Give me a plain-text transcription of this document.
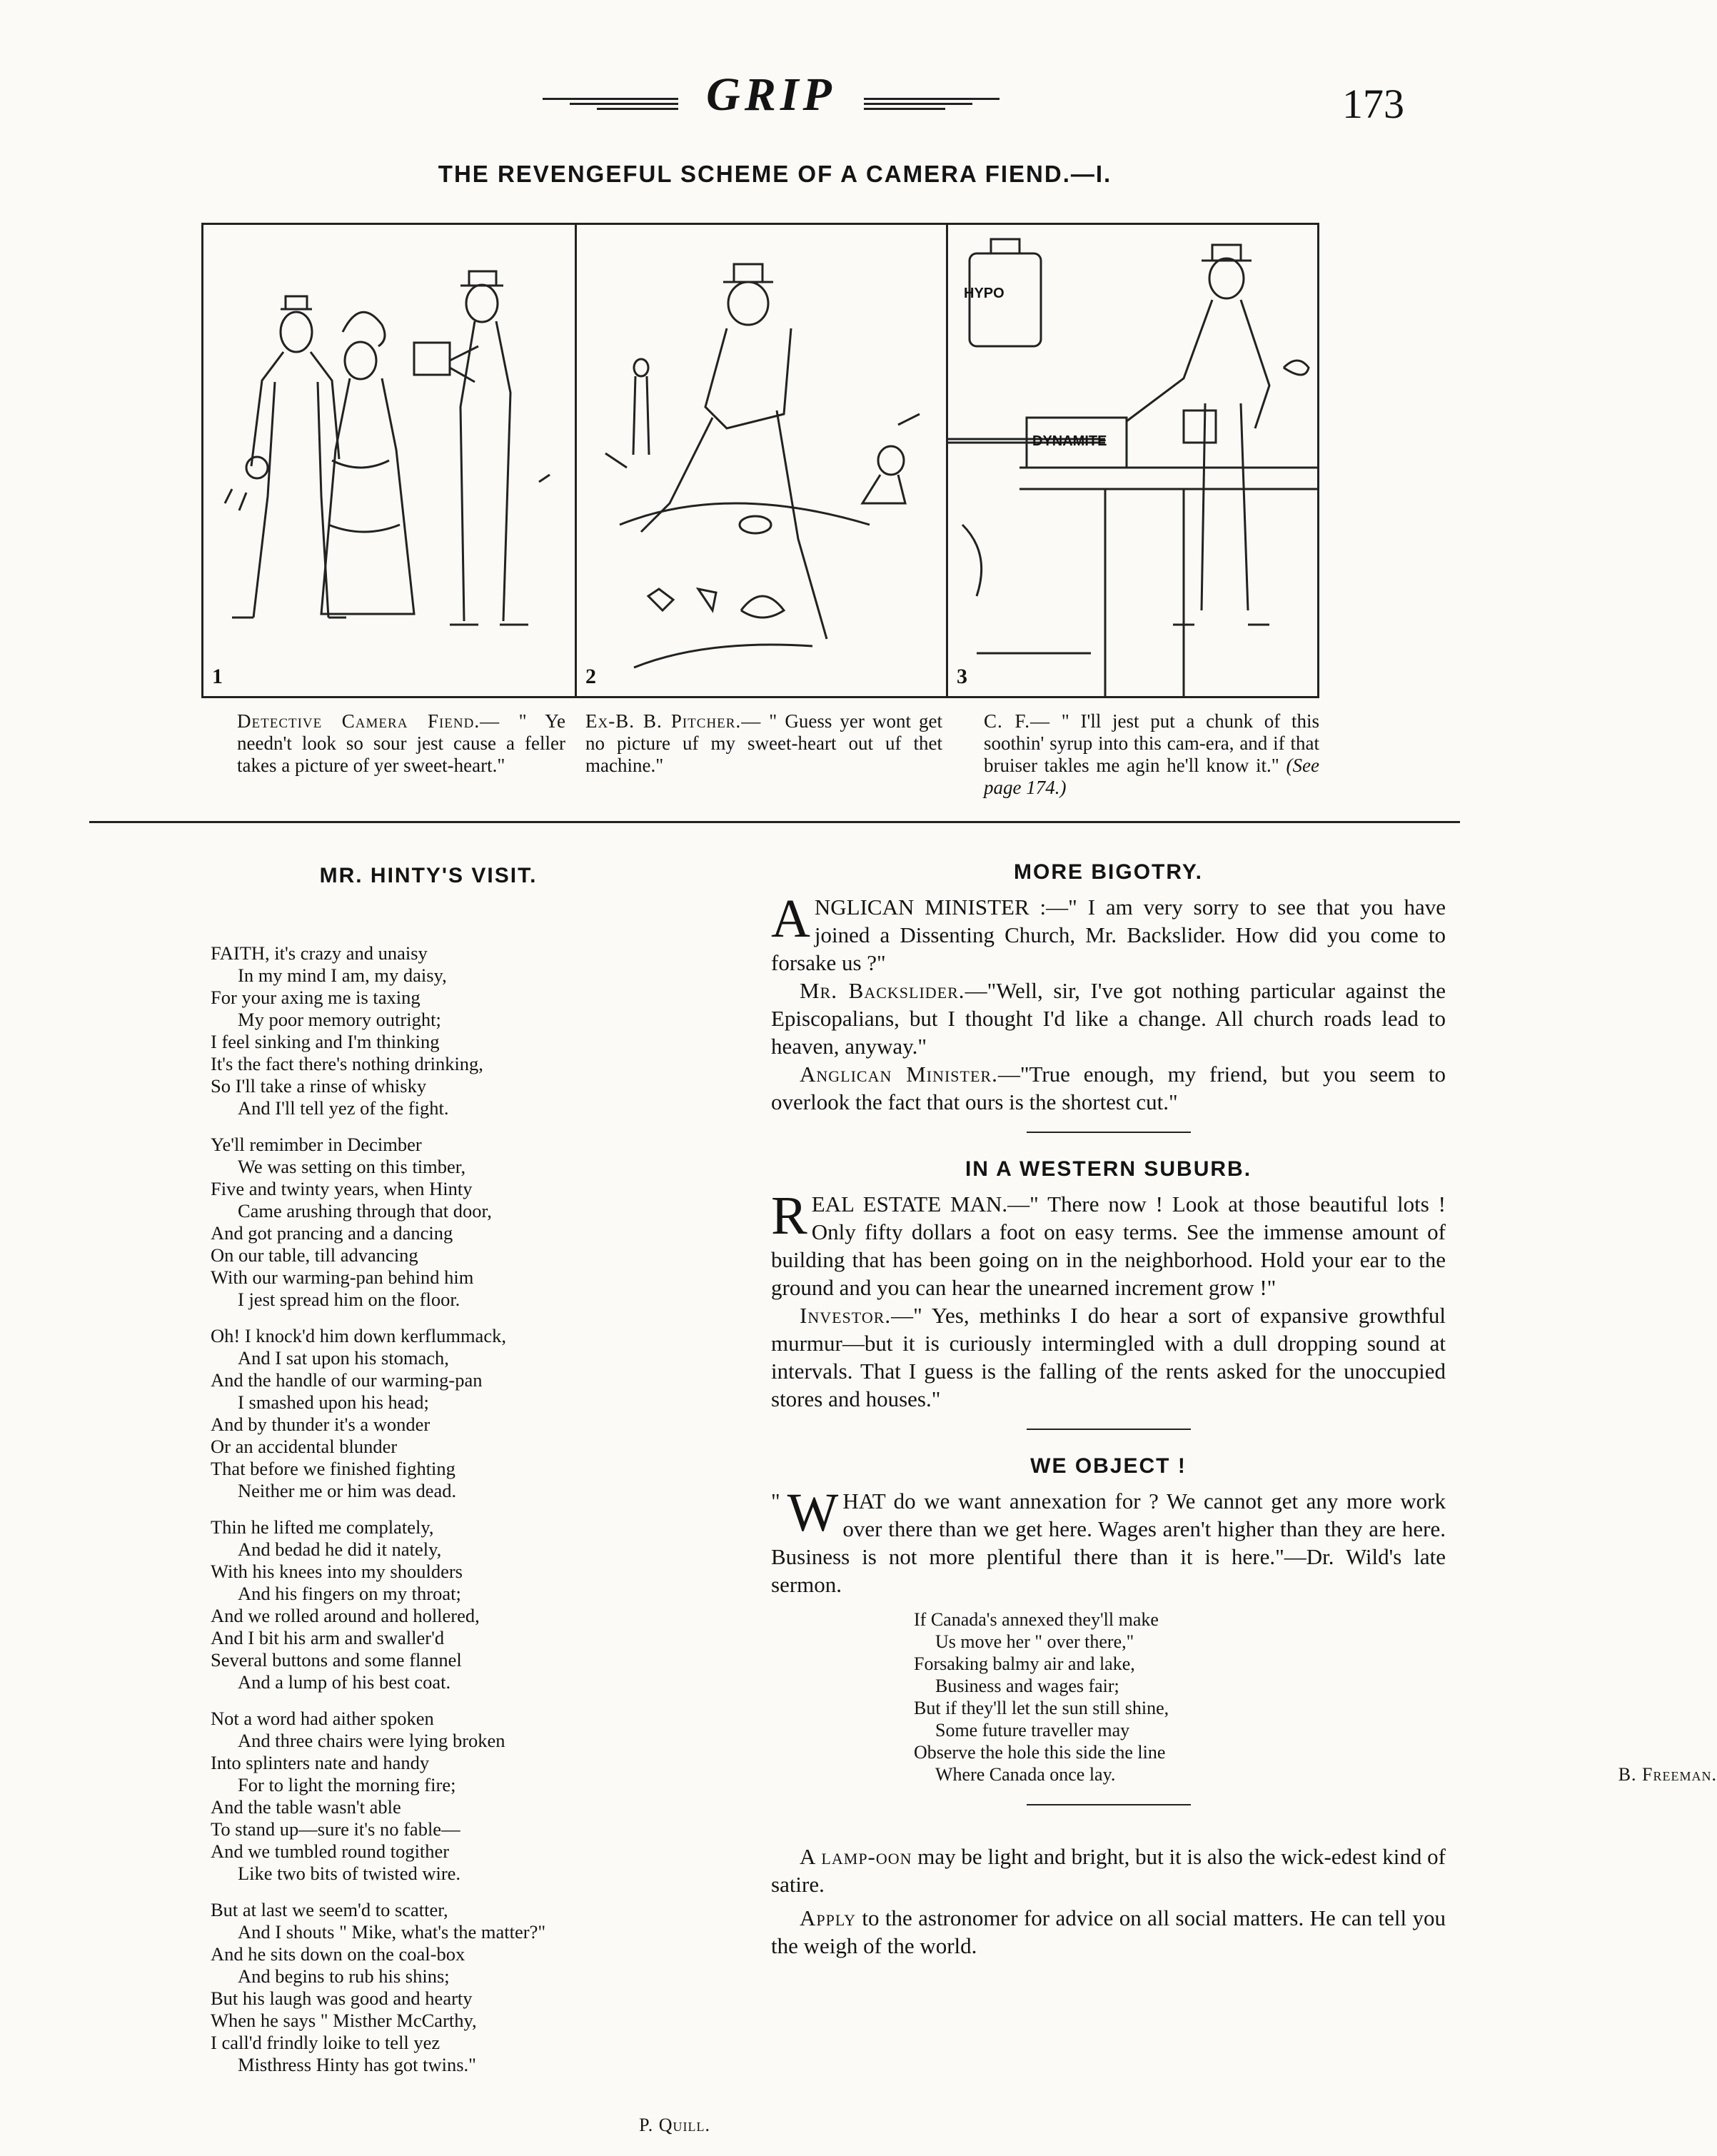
GRIP	173
THE REVENGEFUL SCHEME OF A CAMERA FIEND.—I.
1	2
HYPO
DYNAMITE
3
Detective Camera Fiend.— " Ye needn't look so sour jest cause a feller takes a picture of yer sweet-heart."
Ex-B. B. Pitcher.— " Guess yer wont get no picture uf my sweet-heart out uf thet machine."
C. F.— " I'll jest put a chunk of this soothin' syrup into this cam-era, and if that bruiser takles me agin he'll know it." (See page 174.)
MR. HINTY'S VISIT.

FAITH, it's crazy and unaisy
In my mind I am, my daisy,
For your axing me is taxing
My poor memory outright;
I feel sinking and I'm thinking
It's the fact there's nothing drinking,
So I'll take a rinse of whisky
And I'll tell yez of the fight.
Ye'll remimber in Decimber
We was setting on this timber,
Five and twinty years, when Hinty
Came arushing through that door,
And got prancing and a dancing
On our table, till advancing
With our warming-pan behind him
I jest spread him on the floor.
Oh! I knock'd him down kerflummack,
And I sat upon his stomach,
And the handle of our warming-pan
I smashed upon his head;
And by thunder it's a wonder
Or an accidental blunder
That before we finished fighting
Neither me or him was dead.
Thin he lifted me complately,
And bedad he did it nately,
With his knees into my shoulders
And his fingers on my throat;
And we rolled around and hollered,
And I bit his arm and swaller'd
Several buttons and some flannel
And a lump of his best coat.
Not a word had aither spoken
And three chairs were lying broken
Into splinters nate and handy
For to light the morning fire;
And the table wasn't able
To stand up—sure it's no fable—
And we tumbled round togither
Like two bits of twisted wire.
But at last we seem'd to scatter,
And I shouts " Mike, what's the matter?"
And he sits down on the coal-box
And begins to rub his shins;
But his laugh was good and hearty
When he says " Misther McCarthy,
I call'd frindly loike to tell yez
Misthress Hinty has got twins."

P. Quill.

MORE BIGOTRY.
ANGLICAN MINISTER :—" I am very sorry to see that you have joined a Dissenting Church, Mr. Backslider. How did you come to forsake us ?"
Mr. Backslider.—"Well, sir, I've got nothing particular against the Episcopalians, but I thought I'd like a change. All church roads lead to heaven, anyway."
Anglican Minister.—"True enough, my friend, but you seem to overlook the fact that ours is the shortest cut."
IN A WESTERN SUBURB.
REAL ESTATE MAN.—" There now ! Look at those beautiful lots ! Only fifty dollars a foot on easy terms. See the immense amount of building that has been going on in the neighborhood. Hold your ear to the ground and you can hear the unearned increment grow !"
Investor.—" Yes, methinks I do hear a sort of expansive growthful murmur—but it is curiously intermingled with a dull dropping sound at intervals. That I guess is the falling of the rents asked for the unoccupied stores and houses."
WE OBJECT !
" W HAT do we want annexation for ? We cannot get any more work over there than we get here. Wages aren't higher than they are here. Business is not more plentiful there than it is here."—Dr. Wild's late sermon.
If Canada's annexed they'll make
Us move her " over there,"
Forsaking balmy air and lake,
Business and wages fair;
But if they'll let the sun still shine,
Some future traveller may
Observe the hole this side the line
Where Canada once lay.	B. Freeman.
A lamp-oon may be light and bright, but it is also the wick-edest kind of satire.
Apply to the astronomer for advice on all social matters. He can tell you the weigh of the world.
